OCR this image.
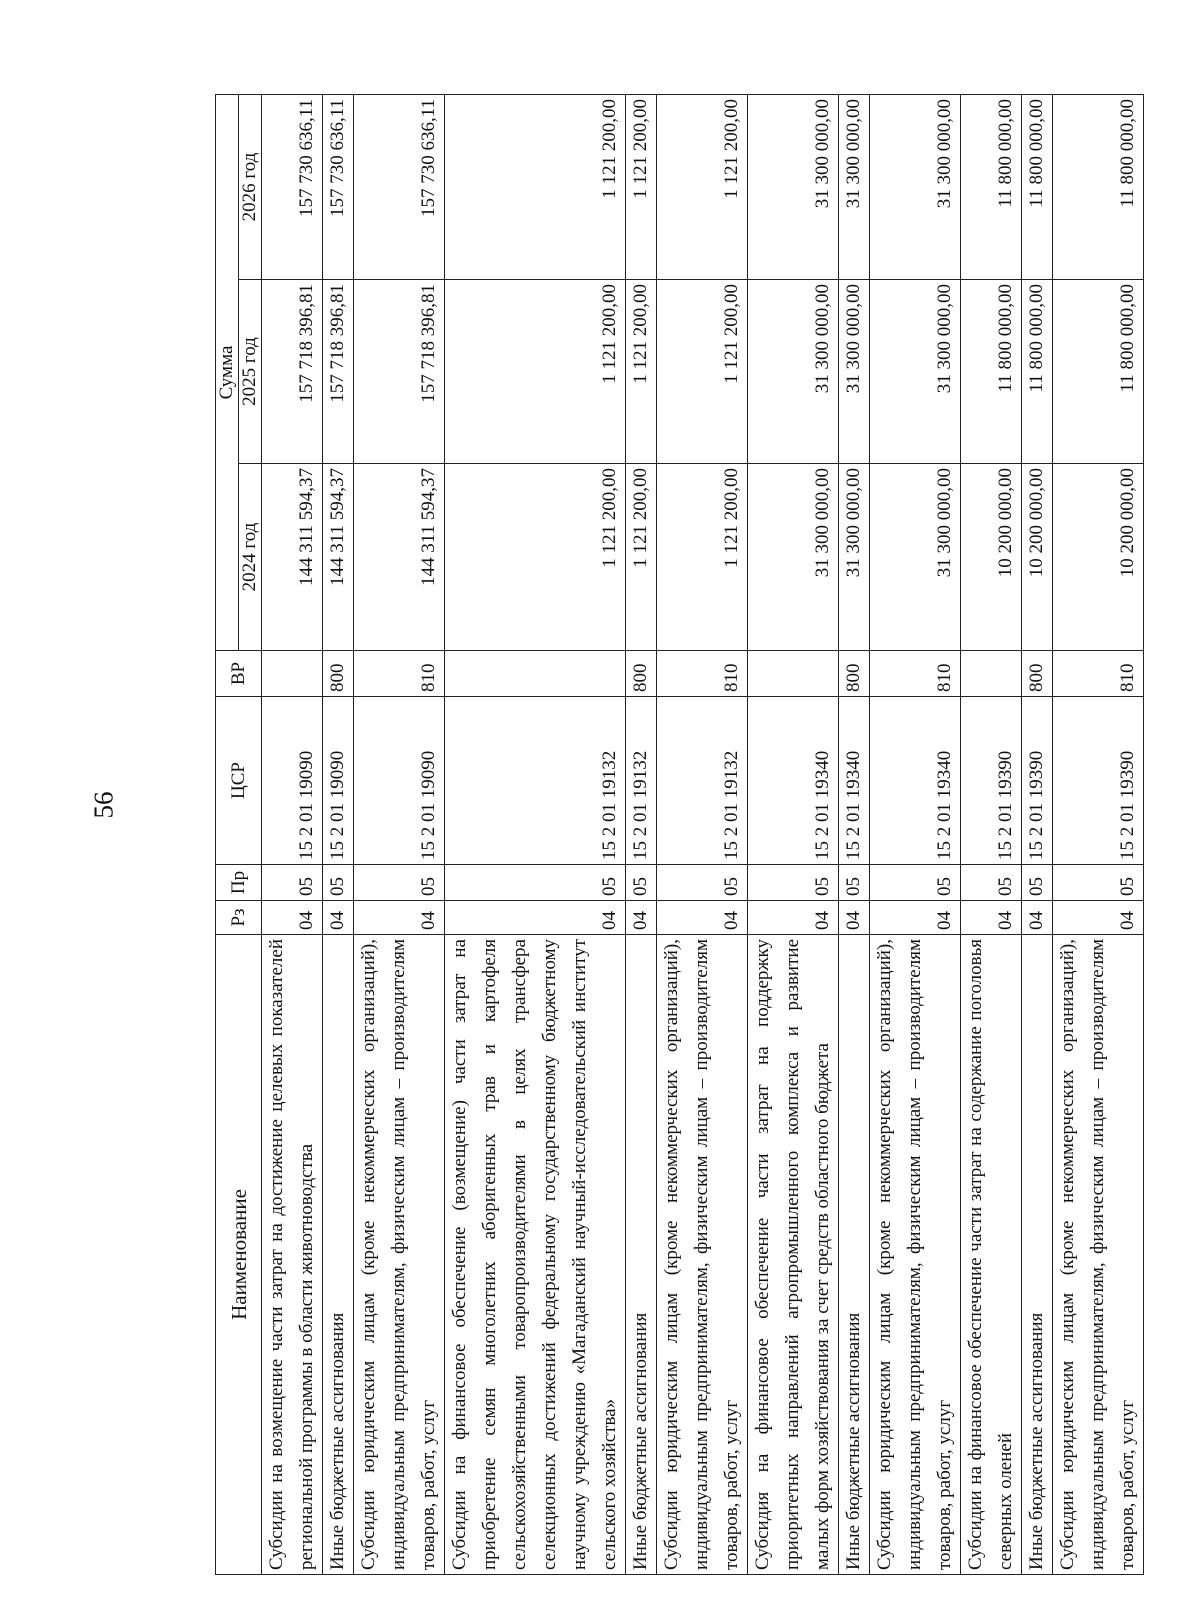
56
Наименование	Рз	Пр	ЦСР	ВР	Сумма		
					2024 год	2025 год	2026 год
Субсидии на возмещение части затрат на достижение целевых показателей региональной программы в области животноводства	04	05	15 2 01 19090		144 311 594,37	157 718 396,81	157 730 636,11
Иные бюджетные ассигнования	04	05	15 2 01 19090	800	144 311 594,37	157 718 396,81	157 730 636,11
Субсидии юридическим лицам (кроме некоммерческих организаций), индивидуальным предпринимателям, физическим лицам – производителям товаров, работ, услуг	04	05	15 2 01 19090	810	144 311 594,37	157 718 396,81	157 730 636,11
Субсидии на финансовое обеспечение (возмещение) части затрат на приобретение семян многолетних аборигенных трав и картофеля сельскохозяйственными товаропроизводителями в целях трансфера селекционных достижений федеральному государственному бюджетному научному учреждению «Магаданский научный-исследовательский институт сельского хозяйства»	04	05	15 2 01 19132		1 121 200,00	1 121 200,00	1 121 200,00
Иные бюджетные ассигнования	04	05	15 2 01 19132	800	1 121 200,00	1 121 200,00	1 121 200,00
Субсидии юридическим лицам (кроме некоммерческих организаций), индивидуальным предпринимателям, физическим лицам – производителям товаров, работ, услуг	04	05	15 2 01 19132	810	1 121 200,00	1 121 200,00	1 121 200,00
Субсидия на финансовое обеспечение части затрат на поддержку приоритетных направлений агропромышленного комплекса и развитие малых форм хозяйствования за счет средств областного бюджета	04	05	15 2 01 19340		31 300 000,00	31 300 000,00	31 300 000,00
Иные бюджетные ассигнования	04	05	15 2 01 19340	800	31 300 000,00	31 300 000,00	31 300 000,00
Субсидии юридическим лицам (кроме некоммерческих организаций), индивидуальным предпринимателям, физическим лицам – производителям товаров, работ, услуг	04	05	15 2 01 19340	810	31 300 000,00	31 300 000,00	31 300 000,00
Субсидии на финансовое обеспечение части затрат на содержание поголовья северных оленей	04	05	15 2 01 19390		10 200 000,00	11 800 000,00	11 800 000,00
Иные бюджетные ассигнования	04	05	15 2 01 19390	800	10 200 000,00	11 800 000,00	11 800 000,00
Субсидии юридическим лицам (кроме некоммерческих организаций), индивидуальным предпринимателям, физическим лицам – производителям товаров, работ, услуг	04	05	15 2 01 19390	810	10 200 000,00	11 800 000,00	11 800 000,00
